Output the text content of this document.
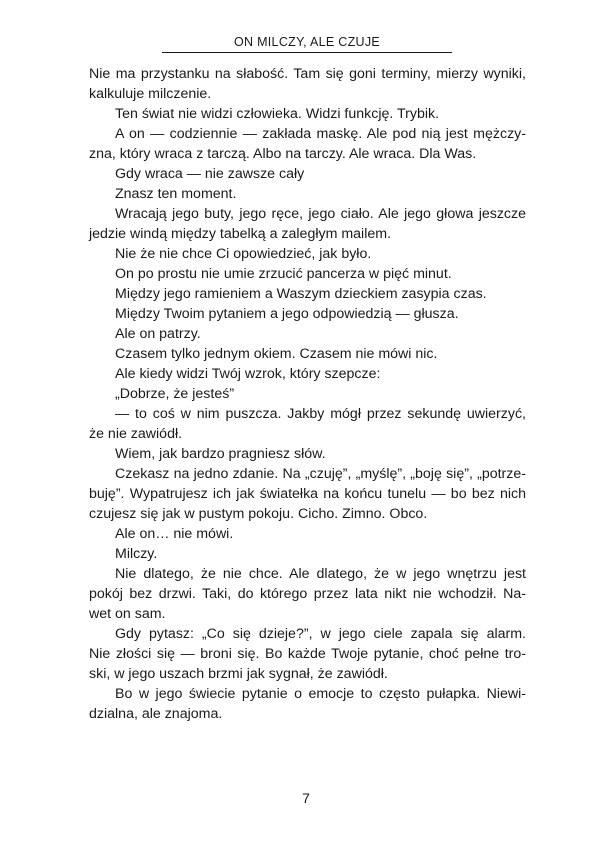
ON MILCZY, ALE CZUJE
Nie ma przystanku na słabość. Tam się goni terminy, mierzy wyniki,
kalkuluje milczenie.
Ten świat nie widzi człowieka. Widzi funkcję. Trybik.
A on — codziennie — zakłada maskę. Ale pod nią jest mężczy-
zna, który wraca z tarczą. Albo na tarczy. Ale wraca. Dla Was.
Gdy wraca — nie zawsze cały
Znasz ten moment.
Wracają jego buty, jego ręce, jego ciało. Ale jego głowa jeszcze
jedzie windą między tabelką a zaległym mailem.
Nie że nie chce Ci opowiedzieć, jak było.
On po prostu nie umie zrzucić pancerza w pięć minut.
Między jego ramieniem a Waszym dzieckiem zasypia czas.
Między Twoim pytaniem a jego odpowiedzią — głusza.
Ale on patrzy.
Czasem tylko jednym okiem. Czasem nie mówi nic.
Ale kiedy widzi Twój wzrok, który szepcze:
„Dobrze, że jesteś”
— to coś w nim puszcza. Jakby mógł przez sekundę uwierzyć,
że nie zawiódł.
Wiem, jak bardzo pragniesz słów.
Czekasz na jedno zdanie. Na „czuję”, „myślę”, „boję się”, „potrze-
buję”. Wypatrujesz ich jak światełka na końcu tunelu — bo bez nich
czujesz się jak w pustym pokoju. Cicho. Zimno. Obco.
Ale on… nie mówi.
Milczy.
Nie dlatego, że nie chce. Ale dlatego, że w jego wnętrzu jest
pokój bez drzwi. Taki, do którego przez lata nikt nie wchodził. Na-
wet on sam.
Gdy pytasz: „Co się dzieje?”, w jego ciele zapala się alarm.
Nie złości się — broni się. Bo każde Twoje pytanie, choć pełne tro-
ski, w jego uszach brzmi jak sygnał, że zawiódł.
Bo w jego świecie pytanie o emocje to często pułapka. Niewi-
dzialna, ale znajoma.
7
